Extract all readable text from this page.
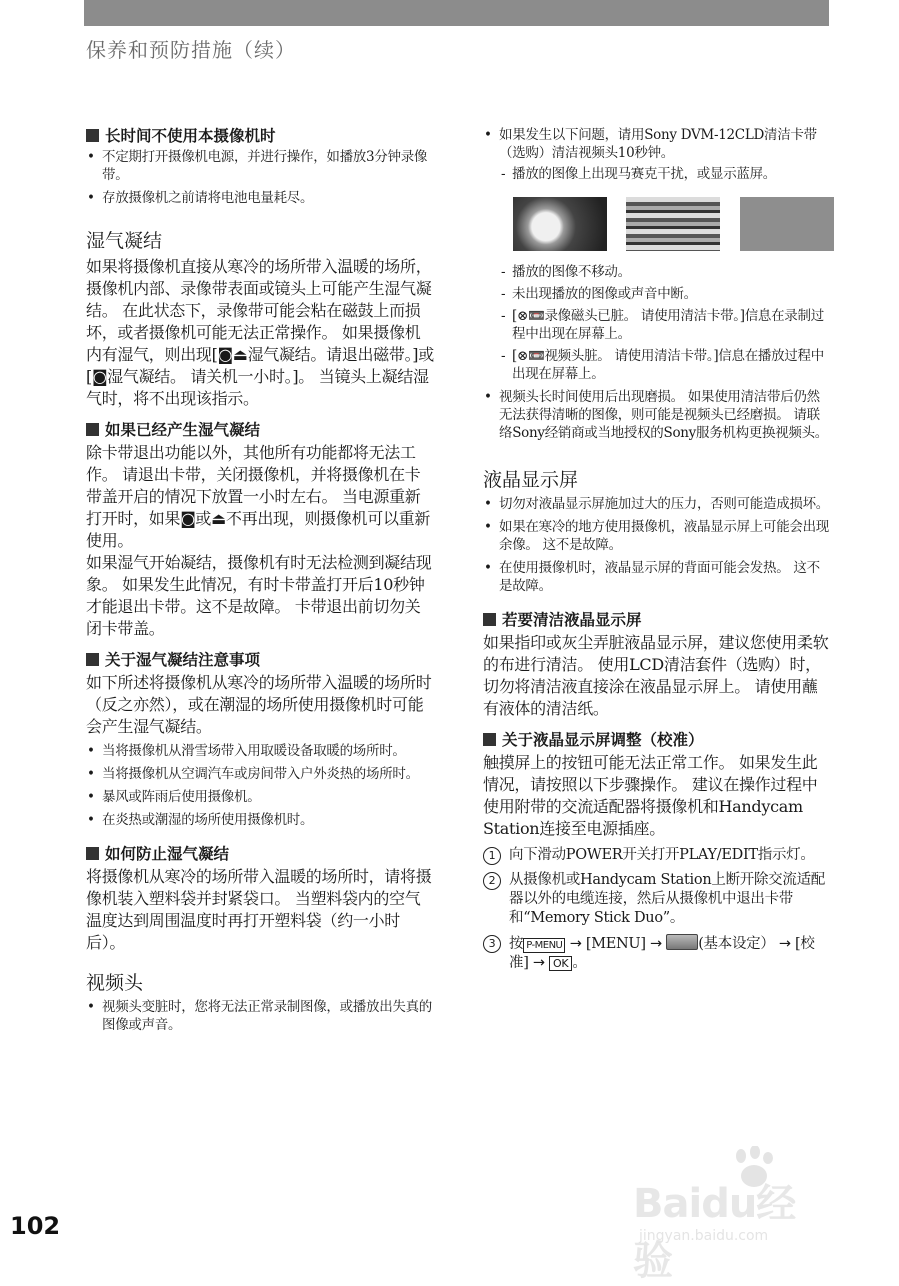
保养和预防措施（续）
长时间不使用本摄像机时
• 不定期打开摄像机电源，并进行操作，如播放3分钟录像带。
• 存放摄像机之前请将电池电量耗尽。
湿气凝结

如果将摄像机直接从寒冷的场所带入温暖的场所，摄像机内部、录像带表面或镜头上可能产生湿气凝结。 在此状态下，录像带可能会粘在磁鼓上而损坏，或者摄像机可能无法正常操作。 如果摄像机内有湿气，则出现[◙⏏湿气凝结。请退出磁带。]或[◙湿气凝结。 请关机一小时。]。 当镜头上凝结湿气时，将不出现该指示。

如果已经产生湿气凝结

除卡带退出功能以外，其他所有功能都将无法工作。 请退出卡带，关闭摄像机，并将摄像机在卡带盖开启的情况下放置一小时左右。 当电源重新打开时，如果◙或⏏不再出现，则摄像机可以重新使用。

如果湿气开始凝结，摄像机有时无法检测到凝结现象。 如果发生此情况，有时卡带盖打开后10秒钟才能退出卡带。这不是故障。 卡带退出前切勿关闭卡带盖。

关于湿气凝结注意事项

如下所述将摄像机从寒冷的场所带入温暖的场所时（反之亦然），或在潮湿的场所使用摄像机时可能会产生湿气凝结。

• 当将摄像机从滑雪场带入用取暖设备取暖的场所时。
• 当将摄像机从空调汽车或房间带入户外炎热的场所时。
• 暴风或阵雨后使用摄像机。
• 在炎热或潮湿的场所使用摄像机时。
如何防止湿气凝结

将摄像机从寒冷的场所带入温暖的场所时，请将摄像机装入塑料袋并封紧袋口。 当塑料袋内的空气温度达到周围温度时再打开塑料袋（约一小时后）。

视频头
• 视频头变脏时，您将无法正常录制图像，或播放出失真的图像或声音。
• 如果发生以下问题，请用Sony DVM-12CLD清洁卡带（选购）清洁视频头10秒钟。
- 播放的图像上出现马赛克干扰，或显示蓝屏。
- 播放的图像不移动。
- 未出现播放的图像或声音中断。
- [⊗📼录像磁头已脏。 请使用清洁卡带。]信息在录制过程中出现在屏幕上。
- [⊗📼视频头脏。 请使用清洁卡带。]信息在播放过程中出现在屏幕上。
• 视频头长时间使用后出现磨损。 如果使用清洁带后仍然无法获得清晰的图像，则可能是视频头已经磨损。 请联络Sony经销商或当地授权的Sony服务机构更换视频头。
液晶显示屏
• 切勿对液晶显示屏施加过大的压力，否则可能造成损坏。
• 如果在寒冷的地方使用摄像机，液晶显示屏上可能会出现余像。 这不是故障。
• 在使用摄像机时，液晶显示屏的背面可能会发热。 这不是故障。
若要清洁液晶显示屏

如果指印或灰尘弄脏液晶显示屏，建议您使用柔软的布进行清洁。 使用LCD清洁套件（选购）时，切勿将清洁液直接涂在液晶显示屏上。 请使用蘸有液体的清洁纸。

关于液晶显示屏调整（校准）

触摸屏上的按钮可能无法正常工作。 如果发生此情况，请按照以下步骤操作。 建议在操作过程中使用附带的交流适配器将摄像机和Handycam Station连接至电源插座。

1 向下滑动POWER开关打开PLAY/EDIT指示灯。
2 从摄像机或Handycam Station上断开除交流适配器以外的电缆连接，然后从摄像机中退出卡带和“Memory Stick Duo”。
3 按 P-MENU → [MENU] →	(基本设定） → [校准] → OK 。
102	Baidu经验
jingyan.baidu.com
